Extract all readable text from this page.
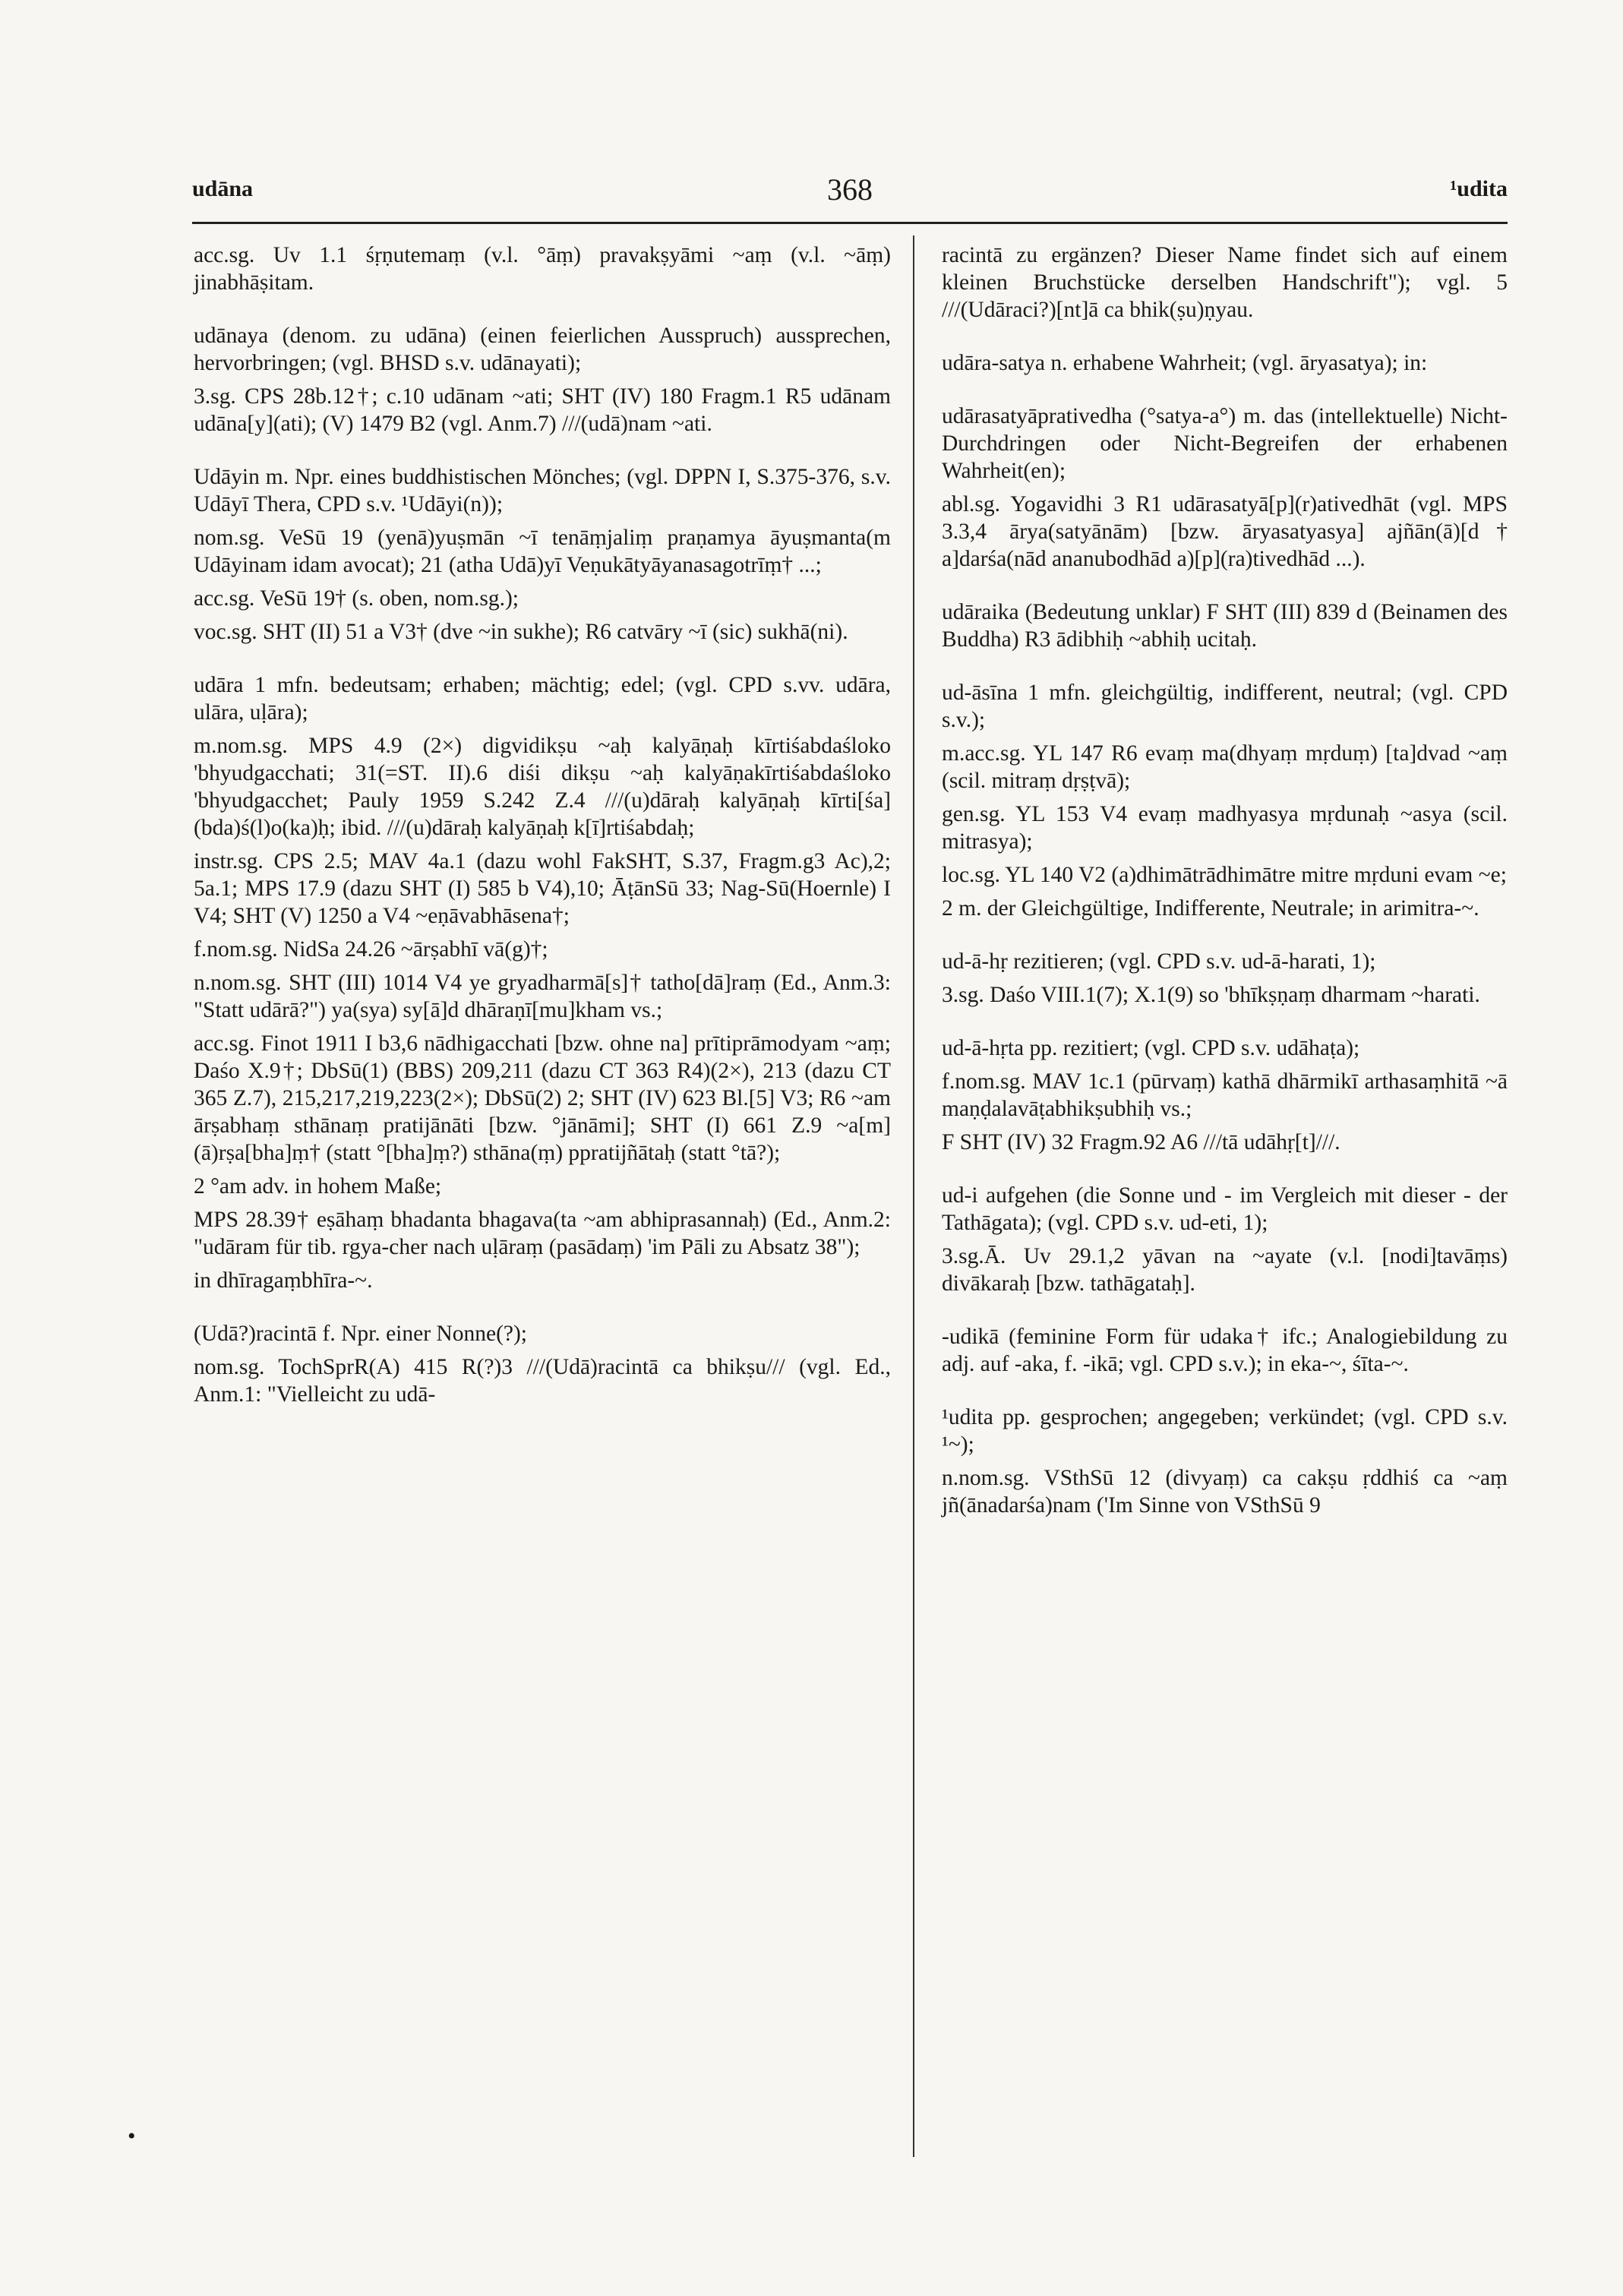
udāna	368	¹udita

acc.sg. Uv 1.1 śṛṇutemaṃ (v.l. °āṃ) pravakṣyāmi ~aṃ (v.l. ~āṃ) jinabhāṣitam.

udānaya (denom. zu udāna) (einen feierlichen Ausspruch) aussprechen, hervorbringen; (vgl. BHSD s.v. udānayati);

3.sg. CPS 28b.12†; c.10 udānam ~ati; SHT (IV) 180 Fragm.1 R5 udānam udāna[y](ati); (V) 1479 B2 (vgl. Anm.7) ///(udā)nam ~ati.

Udāyin m. Npr. eines buddhistischen Mönches; (vgl. DPPN I, S.375-376, s.v. Udāyī Thera, CPD s.v. ¹Udāyi(n));

nom.sg. VeSū 19 (yenā)yuṣmān ~ī tenāṃjaliṃ praṇamya āyuṣmanta(m Udāyinam idam avocat); 21 (atha Udā)yī Veṇukātyāyanasagotrīṃ† ...;

acc.sg. VeSū 19† (s. oben, nom.sg.);

voc.sg. SHT (II) 51 a V3† (dve ~in sukhe); R6 catvāry ~ī (sic) sukhā(ni).

udāra 1 mfn. bedeutsam; erhaben; mächtig; edel; (vgl. CPD s.vv. udāra, ulāra, uḷāra);

m.nom.sg. MPS 4.9 (2×) digvidikṣu ~aḥ kalyāṇaḥ kīrtiśabdaśloko 'bhyudgacchati; 31(=ST. II).6 diśi dikṣu ~aḥ kalyāṇakīrtiśabdaśloko 'bhyudgacchet; Pauly 1959 S.242 Z.4 ///(u)dāraḥ kalyāṇaḥ kīrti[śa](bda)ś(l)o(ka)ḥ; ibid. ///(u)dāraḥ kalyāṇaḥ k[ī]rtiśabdaḥ;

instr.sg. CPS 2.5; MAV 4a.1 (dazu wohl FakSHT, S.37, Fragm.g3 Ac),2; 5a.1; MPS 17.9 (dazu SHT (I) 585 b V4),10; ĀṭānSū 33; Nag-Sū(Hoernle) I V4; SHT (V) 1250 a V4 ~eṇāvabhāsena†;

f.nom.sg. NidSa 24.26 ~ārṣabhī vā(g)†;

n.nom.sg. SHT (III) 1014 V4 ye gryadharmā[s]† tatho[dā]raṃ (Ed., Anm.3: "Statt udārā?") ya(sya) sy[ā]d dhāraṇī[mu]kham vs.;

acc.sg. Finot 1911 I b3,6 nādhigacchati [bzw. ohne na] prītiprāmodyam ~aṃ; Daśo X.9†; DbSū(1) (BBS) 209,211 (dazu CT 363 R4)(2×), 213 (dazu CT 365 Z.7), 215,217,219,223(2×); DbSū(2) 2; SHT (IV) 623 Bl.[5] V3; R6 ~am ārṣabhaṃ sthānaṃ pratijānāti [bzw. °jānāmi]; SHT (I) 661 Z.9 ~a[m] (ā)rṣa[bha]ṃ† (statt °[bha]ṃ?) sthāna(ṃ) ppratijñātaḥ (statt °tā?);

2 °am adv. in hohem Maße;

MPS 28.39† eṣāhaṃ bhadanta bhagava(ta ~am abhiprasannaḥ) (Ed., Anm.2: "udāram für tib. rgya-cher nach uḷāraṃ (pasādaṃ) 'im Pāli zu Absatz 38");

in dhīragaṃbhīra-~.

(Udā?)racintā f. Npr. einer Nonne(?);

nom.sg. TochSprR(A) 415 R(?)3 ///(Udā)racintā ca bhikṣu/// (vgl. Ed., Anm.1: "Vielleicht zu udā-

racintā zu ergänzen? Dieser Name findet sich auf einem kleinen Bruchstücke derselben Handschrift"); vgl. 5 ///(Udāraci?)[nt]ā ca bhik(ṣu)ṇyau.

udāra-satya n. erhabene Wahrheit; (vgl. āryasatya); in:

udārasatyāprativedha (°satya-a°) m. das (intellektuelle) Nicht-Durchdringen oder Nicht-Begreifen der erhabenen Wahrheit(en);

abl.sg. Yogavidhi 3 R1 udārasatyā[p](r)ativedhāt (vgl. MPS 3.3,4 ārya(satyānām) [bzw. āryasatyasya] ajñān(ā)[d† a]darśa(nād ananubodhād a)[p](ra)tivedhād ...).

udāraika (Bedeutung unklar) F SHT (III) 839 d (Beinamen des Buddha) R3 ādibhiḥ ~abhiḥ ucitaḥ.

ud-āsīna 1 mfn. gleichgültig, indifferent, neutral; (vgl. CPD s.v.);

m.acc.sg. YL 147 R6 evaṃ ma(dhyaṃ mṛduṃ) [ta]dvad ~aṃ (scil. mitraṃ dṛṣṭvā);

gen.sg. YL 153 V4 evaṃ madhyasya mṛdunaḥ ~asya (scil. mitrasya);

loc.sg. YL 140 V2 (a)dhimātrādhimātre mitre mṛduni evam ~e;

2 m. der Gleichgültige, Indifferente, Neutrale; in arimitra-~.

ud-ā-hṛ rezitieren; (vgl. CPD s.v. ud-ā-harati, 1);

3.sg. Daśo VIII.1(7); X.1(9) so 'bhīkṣṇaṃ dharmam ~harati.

ud-ā-hṛta pp. rezitiert; (vgl. CPD s.v. udāhaṭa);

f.nom.sg. MAV 1c.1 (pūrvaṃ) kathā dhārmikī arthasaṃhitā ~ā maṇḍalavāṭabhikṣubhiḥ vs.;

F SHT (IV) 32 Fragm.92 A6 ///tā udāhṛ[t]///.

ud-i aufgehen (die Sonne und - im Vergleich mit dieser - der Tathāgata); (vgl. CPD s.v. ud-eti, 1);

3.sg.Ā. Uv 29.1,2 yāvan na ~ayate (v.l. [nodi]tavāṃs) divākaraḥ [bzw. tathāgataḥ].

-udikā (feminine Form für udaka† ifc.; Analogiebildung zu adj. auf -aka, f. -ikā; vgl. CPD s.v.); in eka-~, śīta-~.

¹udita pp. gesprochen; angegeben; verkündet; (vgl. CPD s.v. ¹~);

n.nom.sg. VSthSū 12 (divyaṃ) ca cakṣu ṛddhiś ca ~aṃ jñ(ānadarśa)nam ('Im Sinne von VSthSū 9

•
